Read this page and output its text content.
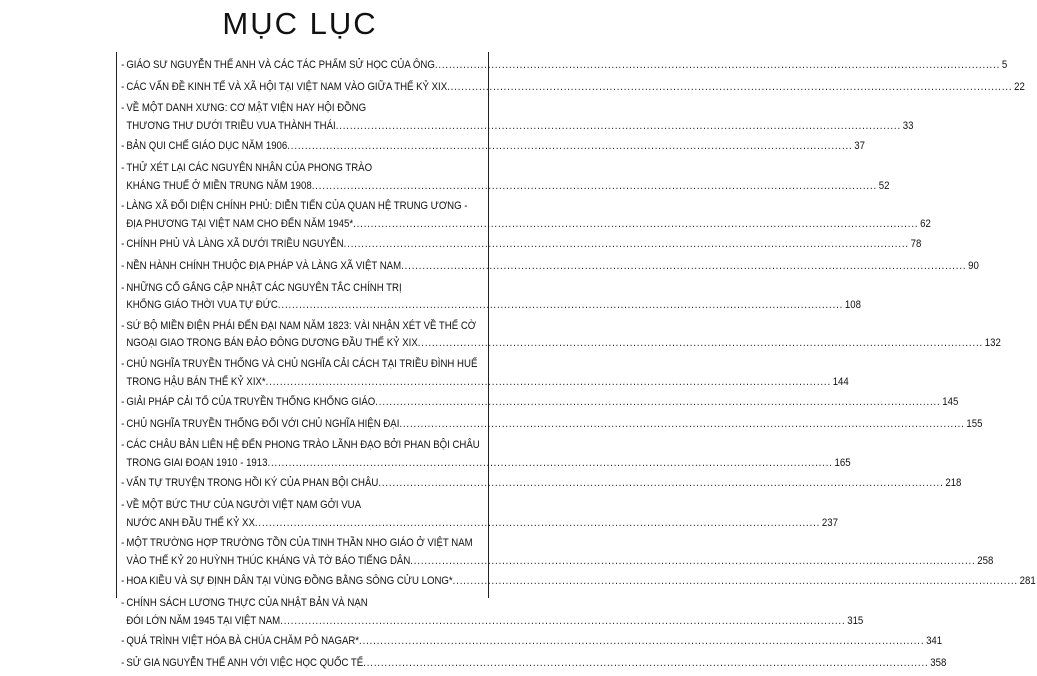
MỤC LỤC
- GIÁO SƯ NGUYỄN THẾ ANH VÀ CÁC TÁC PHẨM SỬ HỌC CỦA ÔNG .....	5
- CÁC VẤN ĐỀ KINH TẾ VÀ XÃ HỘI TẠI VIỆT NAM VÀO GIỮA THẾ KỶ XIX .....	22
- VỀ MỘT DANH XƯNG: CƠ MẬT VIỆN HAY HỘI ĐỒNG
THƯƠNG THƯ DƯỚI TRIỀU VUA THÀNH THÁI .....	33
- BẢN QUI CHẾ GIÁO DỤC NĂM 1906 .....	37
- THỬ XÉT LẠI CÁC NGUYÊN NHÂN CỦA PHONG TRÀO
KHÁNG THUẾ Ở MIỀN TRUNG NĂM 1908 .....	52
- LÀNG XÃ ĐỐI DIỆN CHÍNH PHỦ: DIỄN TIẾN CỦA QUAN HỆ TRUNG ƯƠNG -
ĐỊA PHƯƠNG TẠI VIỆT NAM CHO ĐẾN NĂM 1945* .....	62
- CHÍNH PHỦ VÀ LÀNG XÃ DƯỚI TRIỀU NGUYỄN .....	78
- NỀN HÀNH CHÍNH THUỘC ĐỊA PHÁP VÀ LÀNG XÃ VIỆT NAM .....	90
- NHỮNG CỐ GẮNG CẬP NHẬT CÁC NGUYÊN TẮC CHÍNH TRỊ
KHỔNG GIÁO THỜI VUA TỰ ĐỨC .....	108
- SỨ BỘ MIỀN ĐIỆN PHÁI ĐẾN ĐẠI NAM NĂM 1823: VÀI NHẬN XÉT VỀ THẾ CỜ
NGOẠI GIAO TRONG BÁN ĐẢO ĐÔNG DƯƠNG ĐẦU THẾ KỶ XIX .....	132
- CHỦ NGHĨA TRUYỀN THỐNG VÀ CHỦ NGHĨA CẢI CÁCH TẠI TRIỀU ĐÌNH HUẾ
TRONG HẬU BÁN THẾ KỶ XIX* .....	144
- GIẢI PHÁP CẢI TỔ CỦA TRUYỀN THỐNG KHỔNG GIÁO .....	145
- CHỦ NGHĨA TRUYỀN THỐNG ĐỐI VỚI CHỦ NGHĨA HIỆN ĐẠI .....	155
- CÁC CHÂU BẢN LIÊN HỆ ĐẾN PHONG TRÀO LÃNH ĐẠO BỞI PHAN BỘI CHÂU
TRONG GIAI ĐOẠN 1910 - 1913 .....	165
- VẤN TỰ TRUYỆN TRONG HỒI KÝ CỦA PHAN BỘI CHÂU .....	218
- VỀ MỘT BỨC THƯ CỦA NGƯỜI VIỆT NAM GỞI VUA
NƯỚC ANH ĐẦU THẾ KỶ XX .....	237
- MỘT TRƯỜNG HỢP TRƯỜNG TỒN CỦA TINH THẦN NHO GIÁO Ở VIỆT NAM
VÀO THẾ KỶ 20 HUỲNH THÚC KHÁNG VÀ TỜ BÁO TIẾNG DÂN .....	258
- HOA KIỀU VÀ SỰ ĐỊNH DÂN TẠI VÙNG ĐỒNG BẰNG SÔNG CỬU LONG* .....	281
- CHÍNH SÁCH LƯƠNG THỰC CỦA NHẬT BẢN VÀ NẠN
ĐÓI LỚN NĂM 1945 TẠI VIỆT NAM .....	315
- QUÁ TRÌNH VIỆT HÓA BÀ CHÚA CHĂM PÔ NAGAR* .....	341
- SỬ GIA NGUYỄN THẾ ANH VỚI VIỆC HỌC QUỐC TẾ .....	358
